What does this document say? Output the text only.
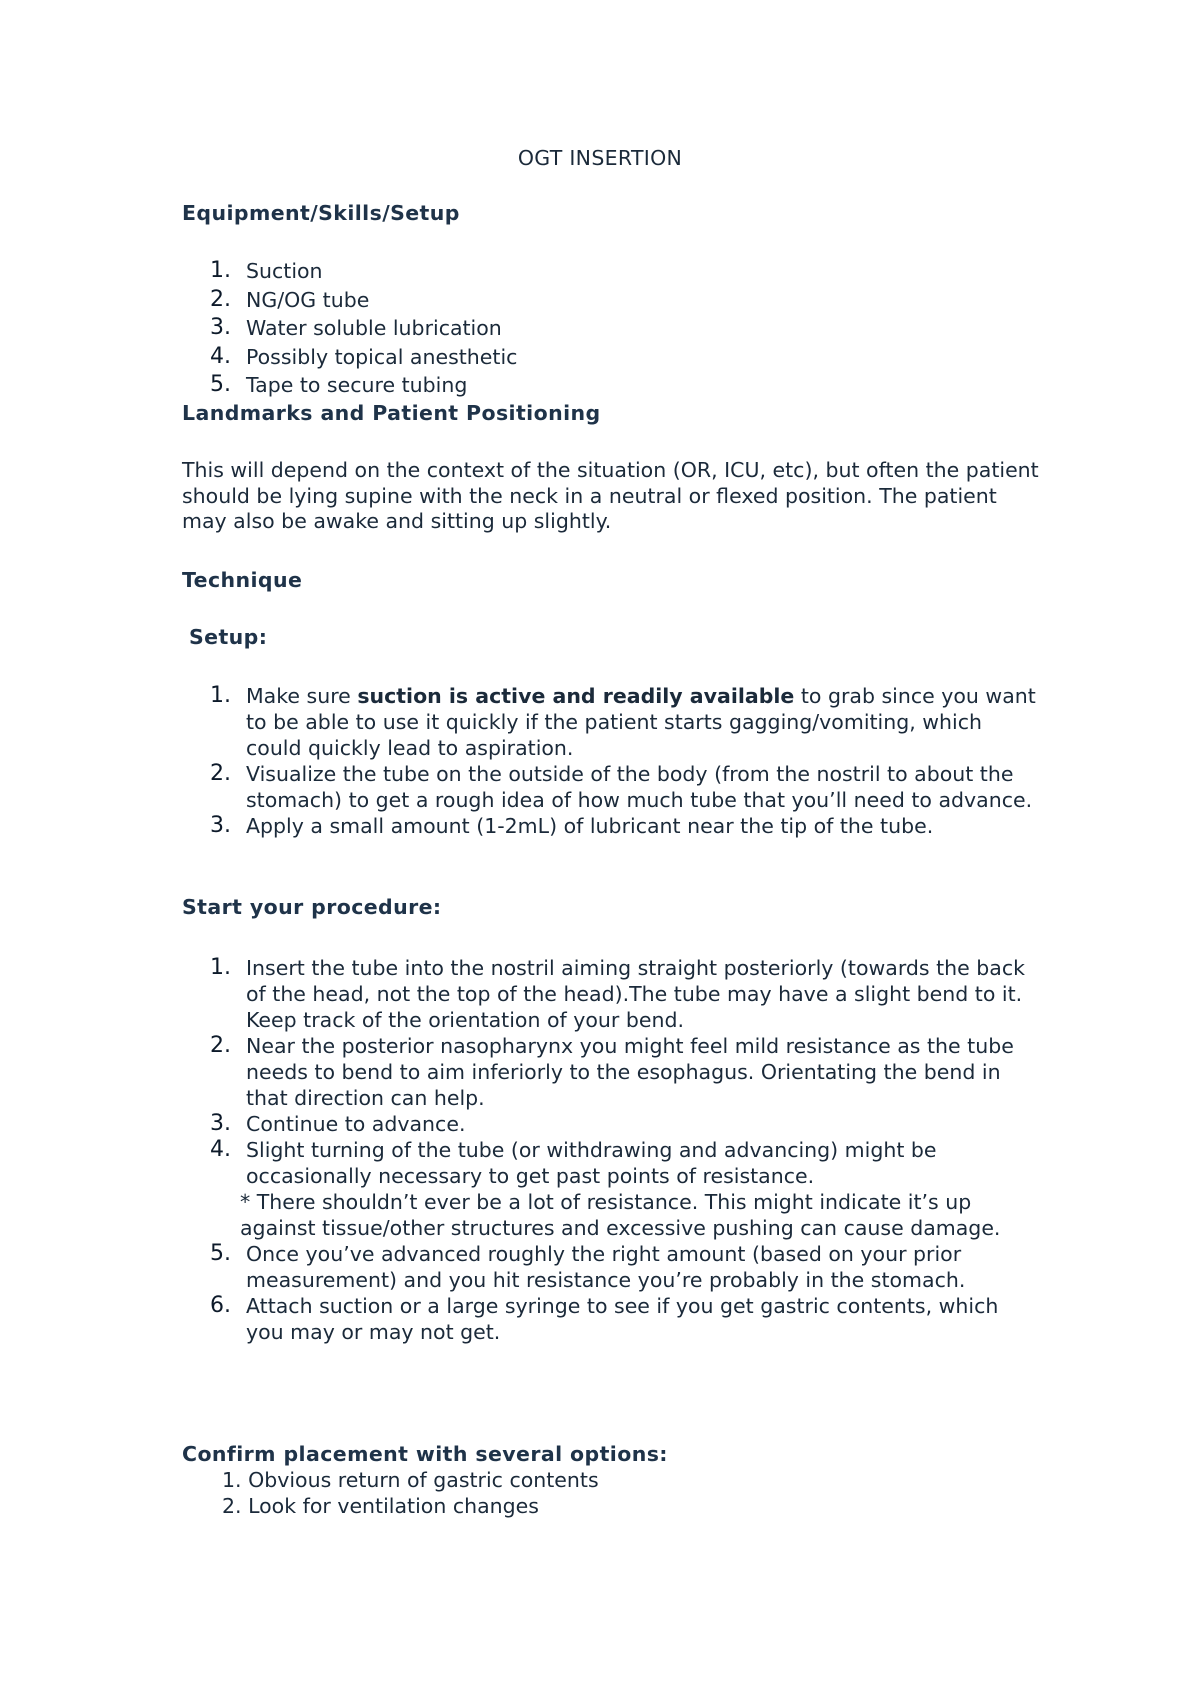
OGT INSERTION
Equipment/Skills/Setup
1. Suction
2. NG/OG tube
3. Water soluble lubrication
4. Possibly topical anesthetic
5. Tape to secure tubing
Landmarks and Patient Positioning

This will depend on the context of the situation (OR, ICU, etc), but often the patient should be lying supine with the neck in a neutral or flexed position. The patient may also be awake and sitting up slightly.

Technique
Setup:
1. Make sure suction is active and readily available to grab since you want to be able to use it quickly if the patient starts gagging/vomiting, which could quickly lead to aspiration.
2. Visualize the tube on the outside of the body (from the nostril to about the stomach) to get a rough idea of how much tube that you’ll need to advance.
3. Apply a small amount (1-2mL) of lubricant near the tip of the tube.
Start your procedure:
1. Insert the tube into the nostril aiming straight posteriorly (towards the back of the head, not the top of the head).The tube may have a slight bend to it. Keep track of the orientation of your bend.
2. Near the posterior nasopharynx you might feel mild resistance as the tube needs to bend to aim inferiorly to the esophagus. Orientating the bend in that direction can help.
3. Continue to advance.
4. Slight turning of the tube (or withdrawing and advancing) might be occasionally necessary to get past points of resistance.
* There shouldn’t ever be a lot of resistance. This might indicate it’s up against tissue/other structures and excessive pushing can cause damage.
5. Once you’ve advanced roughly the right amount (based on your prior measurement) and you hit resistance you’re probably in the stomach.
6. Attach suction or a large syringe to see if you get gastric contents, which you may or may not get.
Confirm placement with several options:
1. Obvious return of gastric contents
2. Look for ventilation changes
